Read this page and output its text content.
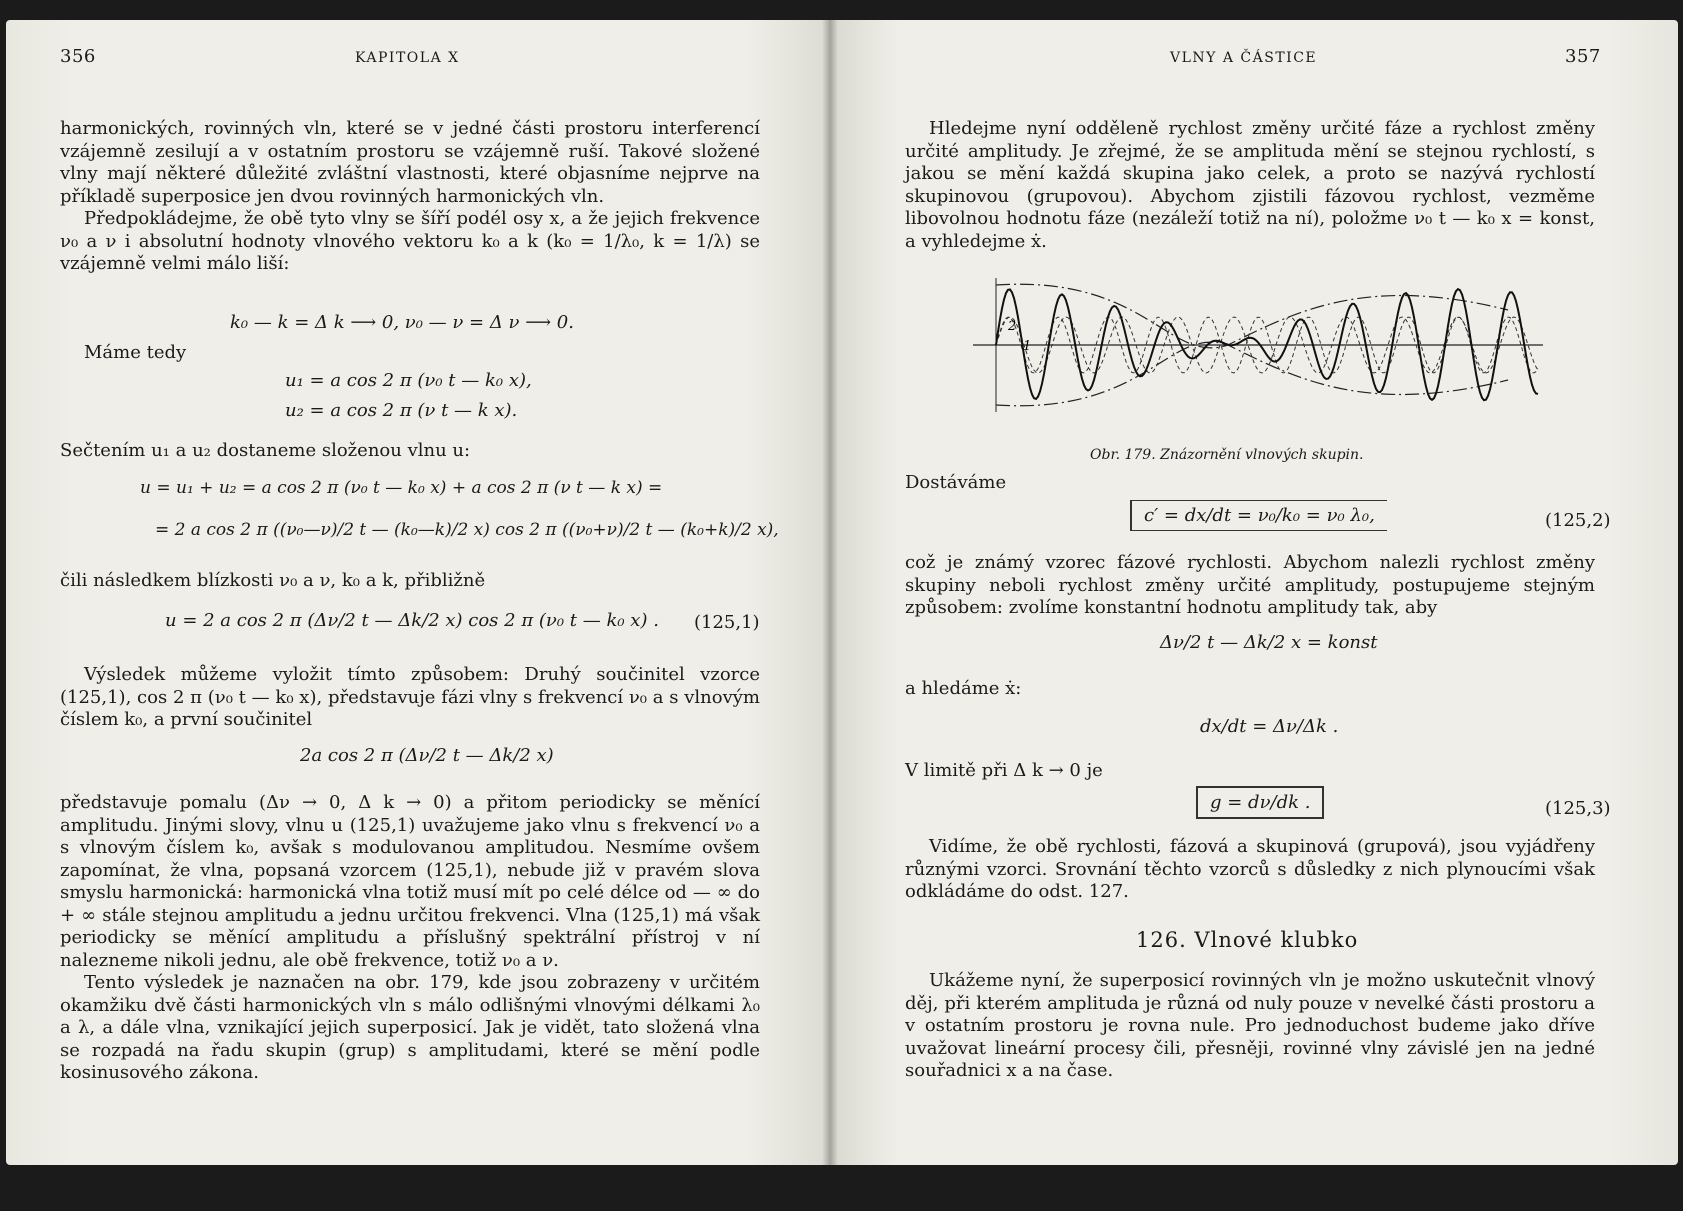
356	KAPITOLA X

harmonických, rovinných vln, které se v jedné části prostoru interferencí vzájemně zesilují a v ostatním prostoru se vzájemně ruší. Takové složené vlny mají některé důležité zvláštní vlastnosti, které objasníme nejprve na příkladě superposice jen dvou rovinných harmonických vln.

Předpokládejme, že obě tyto vlny se šíří podél osy x, a že jejich frekvence ν₀ a ν i absolutní hodnoty vlnového vektoru k₀ a k (k₀ = 1/λ₀, k = 1/λ) se vzájemně velmi málo liší:

k₀ — k = Δ k ⟶ 0, ν₀ — ν = Δ ν ⟶ 0.
Máme tedy
u₁ = a cos 2 π (ν₀ t — k₀ x),
u₂ = a cos 2 π (ν t — k x).
Sečtením u₁ a u₂ dostaneme složenou vlnu u:
u = u₁ + u₂ = a cos 2 π (ν₀ t — k₀ x) + a cos 2 π (ν t — k x) =
= 2 a cos 2 π ((ν₀—ν)/2 t — (k₀—k)/2 x) cos 2 π ((ν₀+ν)/2 t — (k₀+k)/2 x),
čili následkem blízkosti ν₀ a ν, k₀ a k, přibližně
u = 2 a cos 2 π (Δν/2 t — Δk/2 x) cos 2 π (ν₀ t — k₀ x) . (125,1)
Výsledek můžeme vyložit tímto způsobem: Druhý součinitel vzorce (125,1), cos 2 π (ν₀ t — k₀ x), představuje fázi vlny s frekvencí ν₀ a s vlnovým číslem k₀, a první součinitel
2a cos 2 π (Δν/2 t — Δk/2 x)
představuje pomalu (Δν → 0, Δ k → 0) a přitom periodicky se měnící amplitudu. Jinými slovy, vlnu u (125,1) uvažujeme jako vlnu s frekvencí ν₀ a s vlnovým číslem k₀, avšak s modulovanou amplitudou. Nesmíme ovšem zapomínat, že vlna, popsaná vzorcem (125,1), nebude již v pravém slova smyslu harmonická: harmonická vlna totiž musí mít po celé délce od — ∞ do + ∞ stále stejnou amplitudu a jednu určitou frekvenci. Vlna (125,1) má však periodicky se měnící amplitudu a příslušný spektrální přístroj v ní nalezneme nikoli jednu, ale obě frekvence, totiž ν₀ a ν.
Tento výsledek je naznačen na obr. 179, kde jsou zobrazeny v určitém okamžiku dvě části harmonických vln s málo odlišnými vlnovými délkami λ₀ a λ, a dále vlna, vznikající jejich superposicí. Jak je vidět, tato složená vlna se rozpadá na řadu skupin (grup) s amplitudami, které se mění podle kosinusového zákona.
VLNY A ČÁSTICE	357
Hledejme nyní odděleně rychlost změny určité fáze a rychlost změny určité amplitudy. Je zřejmé, že se amplituda mění se stejnou rychlostí, s jakou se mění každá skupina jako celek, a proto se nazývá rychlostí skupinovou (grupovou). Abychom zjistili fázovou rychlost, vezměme libovolnou hodnotu fáze (nezáleží totiž na ní), položme ν₀ t — k₀ x = konst, a vyhledejme ẋ.
1
2
Obr. 179. Znázornění vlnových skupin.
Dostáváme
c′ = dx/dt = ν₀/k₀ = ν₀ λ₀,	(125,2)
což je známý vzorec fázové rychlosti. Abychom nalezli rychlost změny skupiny neboli rychlost změny určité amplitudy, postupujeme stejným způsobem: zvolíme konstantní hodnotu amplitudy tak, aby
Δν/2 t — Δk/2 x = konst
a hledáme ẋ:
dx/dt = Δν/Δk .
V limitě při Δ k → 0 je
g = dν/dk .	(125,3)
Vidíme, že obě rychlosti, fázová a skupinová (grupová), jsou vyjádřeny různými vzorci. Srovnání těchto vzorců s důsledky z nich plynoucími však odkládáme do odst. 127.
126. Vlnové klubko
Ukážeme nyní, že superposicí rovinných vln je možno uskutečnit vlnový děj, při kterém amplituda je různá od nuly pouze v nevelké části prostoru a v ostatním prostoru je rovna nule. Pro jednoduchost budeme jako dříve uvažovat lineární procesy čili, přesněji, rovinné vlny závislé jen na jedné souřadnici x a na čase.
